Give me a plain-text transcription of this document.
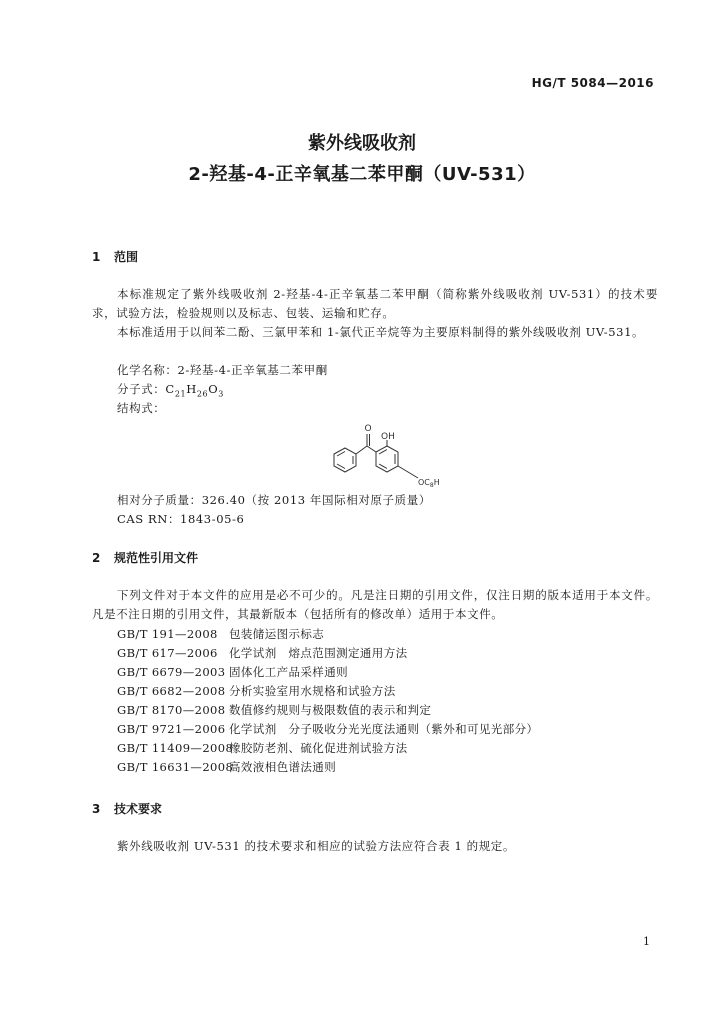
HG/T 5084—2016
紫外线吸收剂
2-羟基-4-正辛氧基二苯甲酮（UV-531）
1 范围
本标准规定了紫外线吸收剂 2-羟基-4-正辛氧基二苯甲酮（简称紫外线吸收剂 UV-531）的技术要求，试验方法，检验规则以及标志、包装、运输和贮存。
本标准适用于以间苯二酚、三氯甲苯和 1-氯代正辛烷等为主要原料制得的紫外线吸收剂 UV-531。
化学名称：2-羟基-4-正辛氧基二苯甲酮
分子式：$C_{21}H_{26}O_3$
结构式：
O
OH
$OC_8H$
相对分子质量：326.40（按 2013 年国际相对原子质量）
CAS RN：1843-05-6
2 规范性引用文件
下列文件对于本文件的应用是必不可少的。凡是注日期的引用文件，仅注日期的版本适用于本文件。凡是不注日期的引用文件，其最新版本（包括所有的修改单）适用于本文件。
GB/T 191—2008 包装储运图示标志
GB/T 617—2006 化学试剂　熔点范围测定通用方法
GB/T 6679—2003 固体化工产品采样通则
GB/T 6682—2008 分析实验室用水规格和试验方法
GB/T 8170—2008 数值修约规则与极限数值的表示和判定
GB/T 9721—2006 化学试剂　分子吸收分光光度法通则（紫外和可见光部分）
GB/T 11409—2008橡胶防老剂、硫化促进剂试验方法
GB/T 16631—2008高效液相色谱法通则
3 技术要求
紫外线吸收剂 UV-531 的技术要求和相应的试验方法应符合表 1 的规定。
1
